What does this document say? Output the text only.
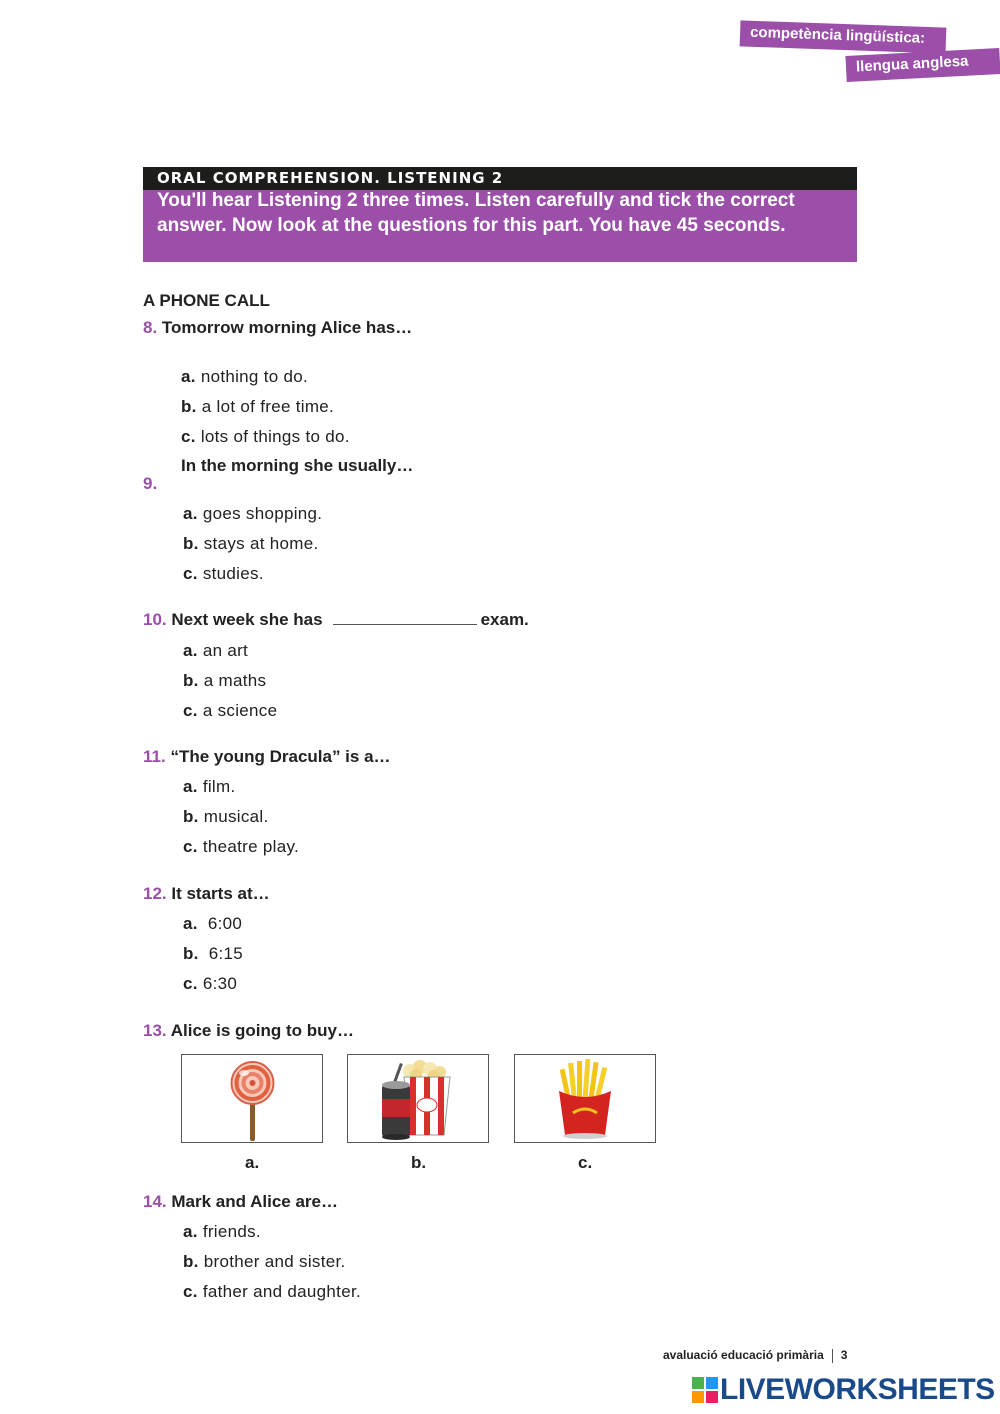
competència lingüística:
llengua anglesa
ORAL COMPREHENSION. LISTENING 2
You'll hear Listening 2 three times. Listen carefully and tick the correct answer. Now look at the questions for this part. You have 45 seconds.
A PHONE CALL
8. Tomorrow morning Alice has…
a. nothing to do.
b. a lot of free time.
c. lots of things to do.
9.
In the morning she usually…
a. goes shopping.
b. stays at home.
c. studies.
10. Next week she has	exam.
a. an art
b. a maths
c. a science
11. “The young Dracula” is a…
a. film.
b. musical.
c. theatre play.
12. It starts at…
a. 6:00
b. 6:15
c. 6:30
13. Alice is going to buy…
a.	b.	c.
14. Mark and Alice are…
a. friends.
b. brother and sister.
c. father and daughter.
avaluació educació primària 3
LIVEWORKSHEETS
